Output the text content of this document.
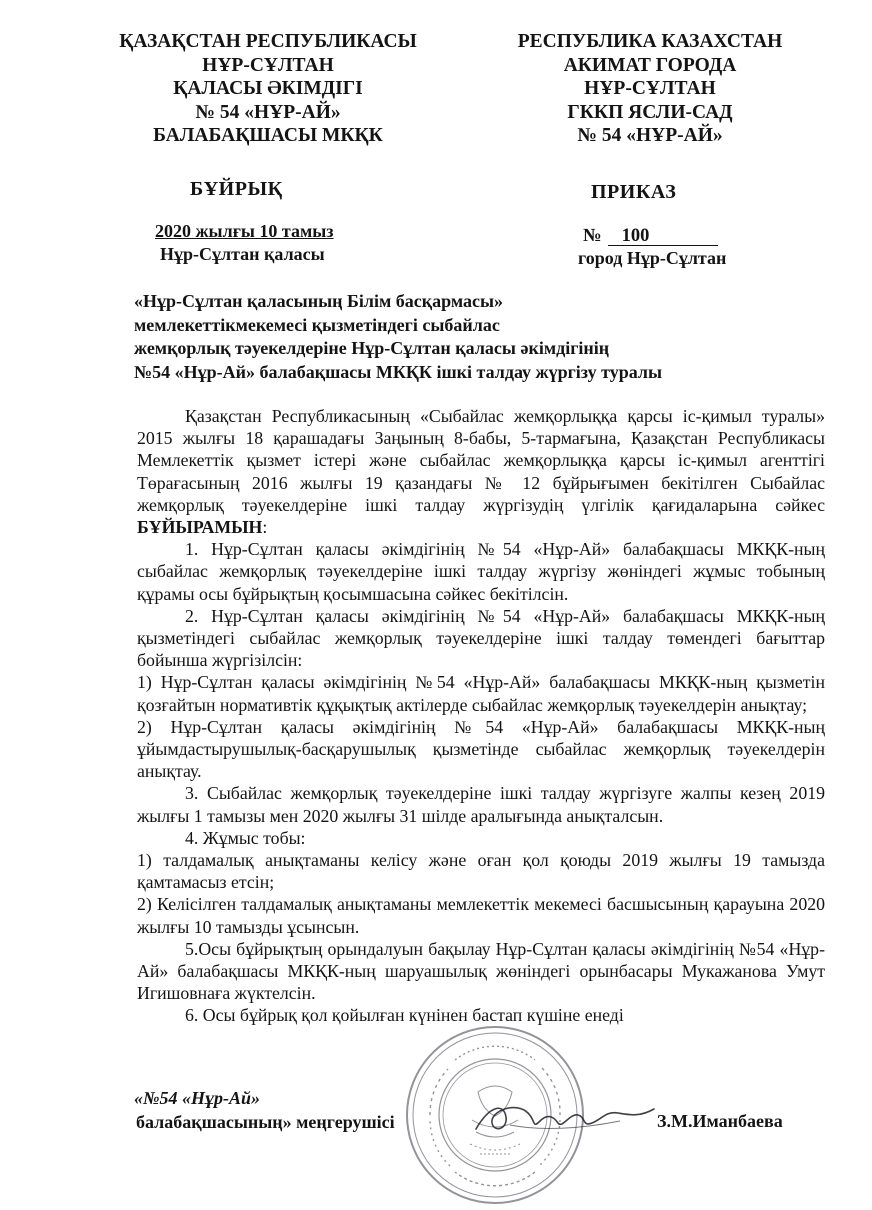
ҚАЗАҚСТАН РЕСПУБЛИКАСЫ
НҰР-СҰЛТАН
ҚАЛАСЫ ӘКІМДІГІ
№ 54 «НҰР-АЙ»
БАЛАБАҚШАСЫ МКҚК
РЕСПУБЛИКА КАЗАХСТАН
АКИМАТ ГОРОДА
НҰР-СҰЛТАН
ГККП ЯСЛИ-САД
№ 54 «НҰР-АЙ»
БҰЙРЫҚ	ПРИКАЗ
2020 жылғы 10 тамыз
Нұр-Сұлтан қаласы
№ 100
город Нұр-Сұлтан
«Нұр-Сұлтан қаласының Білім басқармасы»
мемлекеттікмекемесі қызметіндегі сыбайлас
жемқорлық тәуекелдеріне Нұр-Сұлтан қаласы әкімдігінің
№54 «Нұр-Ай» балабақшасы МКҚК ішкі талдау жүргізу туралы

Қазақстан Республикасының «Сыбайлас жемқорлыққа қарсы іс-қимыл туралы» 2015 жылғы 18 қарашадағы Заңының 8-бабы, 5-тармағына, Қазақстан Республикасы Мемлекеттік қызмет істері және сыбайлас жемқорлыққа қарсы іс-қимыл агенттігі Төрағасының 2016 жылғы 19 қазандағы № 12 бұйрығымен бекітілген Сыбайлас жемқорлық тәуекелдеріне ішкі талдау жүргізудің үлгілік қағидаларына сәйкес БҰЙЫРАМЫН:

1. Нұр-Сұлтан қаласы әкімдігінің №54 «Нұр-Ай» балабақшасы МКҚК-ның сыбайлас жемқорлық тәуекелдеріне ішкі талдау жүргізу жөніндегі жұмыс тобының құрамы осы бұйрықтың қосымшасына сәйкес бекітілсін.

2. Нұр-Сұлтан қаласы әкімдігінің №54 «Нұр-Ай» балабақшасы МКҚК-ның қызметіндегі сыбайлас жемқорлық тәуекелдеріне ішкі талдау төмендегі бағыттар бойынша жүргізілсін:

1) Нұр-Сұлтан қаласы әкімдігінің №54 «Нұр-Ай» балабақшасы МКҚК-ның қызметін қозғайтын нормативтік құқықтық актілерде сыбайлас жемқорлық тәуекелдерін анықтау;

2) Нұр-Сұлтан қаласы әкімдігінің №54 «Нұр-Ай» балабақшасы МКҚК-ның ұйымдастырушылық-басқарушылық қызметінде сыбайлас жемқорлық тәуекелдерін анықтау.

3. Сыбайлас жемқорлық тәуекелдеріне ішкі талдау жүргізуге жалпы кезең 2019 жылғы 1 тамызы мен 2020 жылғы 31 шілде аралығында анықталсын.

4. Жұмыс тобы:

1) талдамалық анықтаманы келісу және оған қол қоюды 2019 жылғы 19 тамызда қамтамасыз етсін;

2) Келісілген талдамалық анықтаманы мемлекеттік мекемесі басшысының қарауына 2020 жылғы 10 тамызды ұсынсын.

5.Осы бұйрықтың орындалуын бақылау Нұр-Сұлтан қаласы әкімдігінің №54 «Нұр-Ай» балабақшасы МКҚК-ның шаруашылық жөніндегі орынбасары Мукажанова Умут Игишовнаға жүктелсін.

6. Осы бұйрық қол қойылған күнінен бастап күшіне енеді

«№54 «Нұр-Ай»
балабақшасының» меңгерушісі	З.М.Иманбаева
